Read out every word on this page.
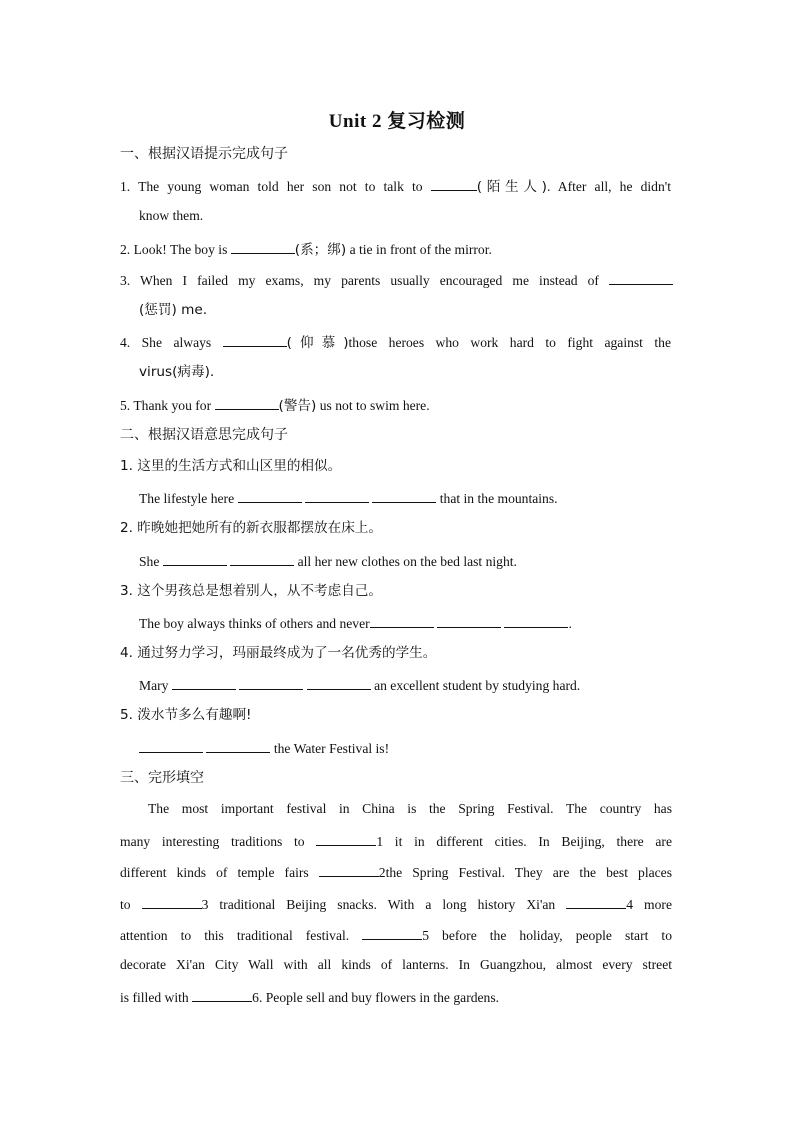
Unit 2 复习检测
一、根据汉语提示完成句子
1. The young woman told her son not to talk to	(陌生人). After all, he didn't
know them.
2. Look! The boy is	(系；绑) a tie in front of the mirror.
3. When I failed my exams, my parents usually encouraged me instead of
(惩罚) me.
4. She always	(仰慕)those heroes who work hard to fight against the
virus(病毒).
5. Thank you for	(警告) us not to swim here.
二、根据汉语意思完成句子
1. 这里的生活方式和山区里的相似。
The lifestyle here	that in the mountains.
2. 昨晚她把她所有的新衣服都摆放在床上。
She	all her new clothes on the bed last night.
3. 这个男孩总是想着别人，从不考虑自己。
The boy always thinks of others and never	.
4. 通过努力学习，玛丽最终成为了一名优秀的学生。
Mary	an excellent student by studying hard.
5. 泼水节多么有趣啊!
the Water Festival is!
三、完形填空
The most important festival in China is the Spring Festival. The country has
many interesting traditions to	1 it in different cities. In Beijing, there are
different kinds of temple fairs	2the Spring Festival. They are the best places
to	3 traditional Beijing snacks. With a long history Xi'an	4 more
attention to this traditional festival.	5 before the holiday, people start to
decorate Xi'an City Wall with all kinds of lanterns. In Guangzhou, almost every street
is filled with	6. People sell and buy flowers in the gardens.
